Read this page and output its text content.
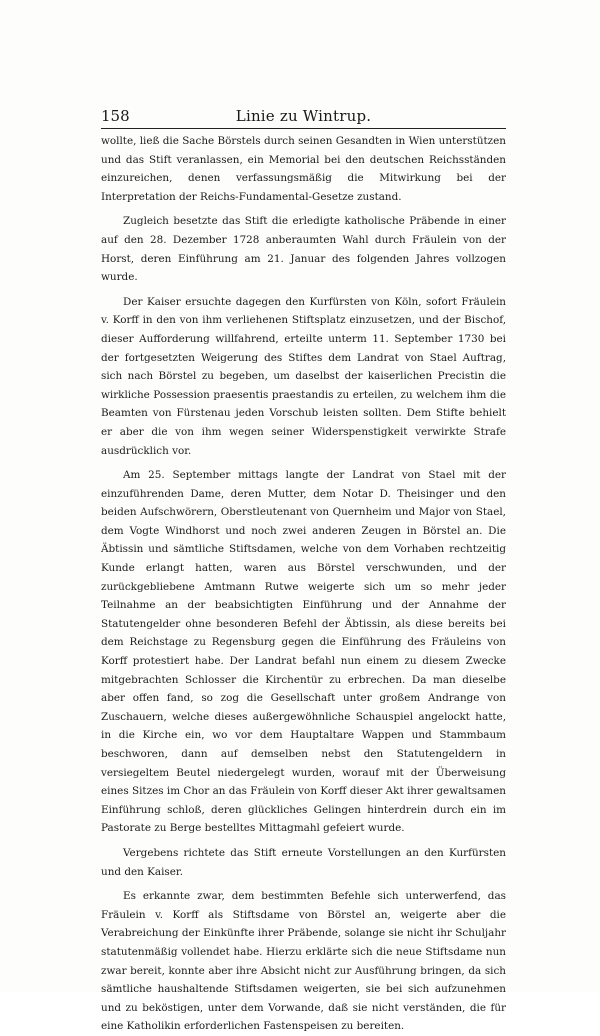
158	Linie zu Wintrup.

wollte, ließ die Sache Börstels durch seinen Gesandten in Wien unterstützen und das Stift veranlassen, ein Memorial bei den deutschen Reichsständen einzureichen, denen verfassungsmäßig die Mitwirkung bei der Interpretation der Reichs-Fundamental-Gesetze zustand.

Zugleich besetzte das Stift die erledigte katholische Präbende in einer auf den 28. Dezember 1728 anberaumten Wahl durch Fräulein von der Horst, deren Einführung am 21. Januar des folgenden Jahres vollzogen wurde.

Der Kaiser ersuchte dagegen den Kurfürsten von Köln, sofort Fräulein v. Korff in den von ihm verliehenen Stiftsplatz einzusetzen, und der Bischof, dieser Aufforderung willfahrend, erteilte unterm 11. September 1730 bei der fortgesetzten Weigerung des Stiftes dem Landrat von Stael Auftrag, sich nach Börstel zu begeben, um daselbst der kaiserlichen Precistin die wirkliche Possession praesentis praestandis zu erteilen, zu welchem ihm die Beamten von Fürstenau jeden Vorschub leisten sollten. Dem Stifte behielt er aber die von ihm wegen seiner Widerspenstigkeit verwirkte Strafe ausdrücklich vor.

Am 25. September mittags langte der Landrat von Stael mit der einzuführenden Dame, deren Mutter, dem Notar D. Theisinger und den beiden Aufschwörern, Oberstleutenant von Quernheim und Major von Stael, dem Vogte Windhorst und noch zwei anderen Zeugen in Börstel an. Die Äbtissin und sämtliche Stiftsdamen, welche von dem Vorhaben rechtzeitig Kunde erlangt hatten, waren aus Börstel verschwunden, und der zurückgebliebene Amtmann Rutwe weigerte sich um so mehr jeder Teilnahme an der beabsichtigten Einführung und der Annahme der Statutengelder ohne besonderen Befehl der Äbtissin, als diese bereits bei dem Reichstage zu Regensburg gegen die Einführung des Fräuleins von Korff protestiert habe. Der Landrat befahl nun einem zu diesem Zwecke mitgebrachten Schlosser die Kirchentür zu erbrechen. Da man dieselbe aber offen fand, so zog die Gesellschaft unter großem Andrange von Zuschauern, welche dieses außergewöhnliche Schauspiel angelockt hatte, in die Kirche ein, wo vor dem Hauptaltare Wappen und Stammbaum beschworen, dann auf demselben nebst den Statutengeldern in versiegeltem Beutel niedergelegt wurden, worauf mit der Überweisung eines Sitzes im Chor an das Fräulein von Korff dieser Akt ihrer gewaltsamen Einführung schloß, deren glückliches Gelingen hinterdrein durch ein im Pastorate zu Berge bestelltes Mittagmahl gefeiert wurde.

Vergebens richtete das Stift erneute Vorstellungen an den Kurfürsten und den Kaiser.

Es erkannte zwar, dem bestimmten Befehle sich unterwerfend, das Fräulein v. Korff als Stiftsdame von Börstel an, weigerte aber die Verabreichung der Einkünfte ihrer Präbende, solange sie nicht ihr Schuljahr statutenmäßig vollendet habe. Hierzu erklärte sich die neue Stiftsdame nun zwar bereit, konnte aber ihre Absicht nicht zur Ausführung bringen, da sich sämtliche haushaltende Stiftsdamen weigerten, sie bei sich aufzunehmen und zu beköstigen, unter dem Vorwande, daß sie nicht verständen, die für eine Katholikin erforderlichen Fastenspeisen zu bereiten.
